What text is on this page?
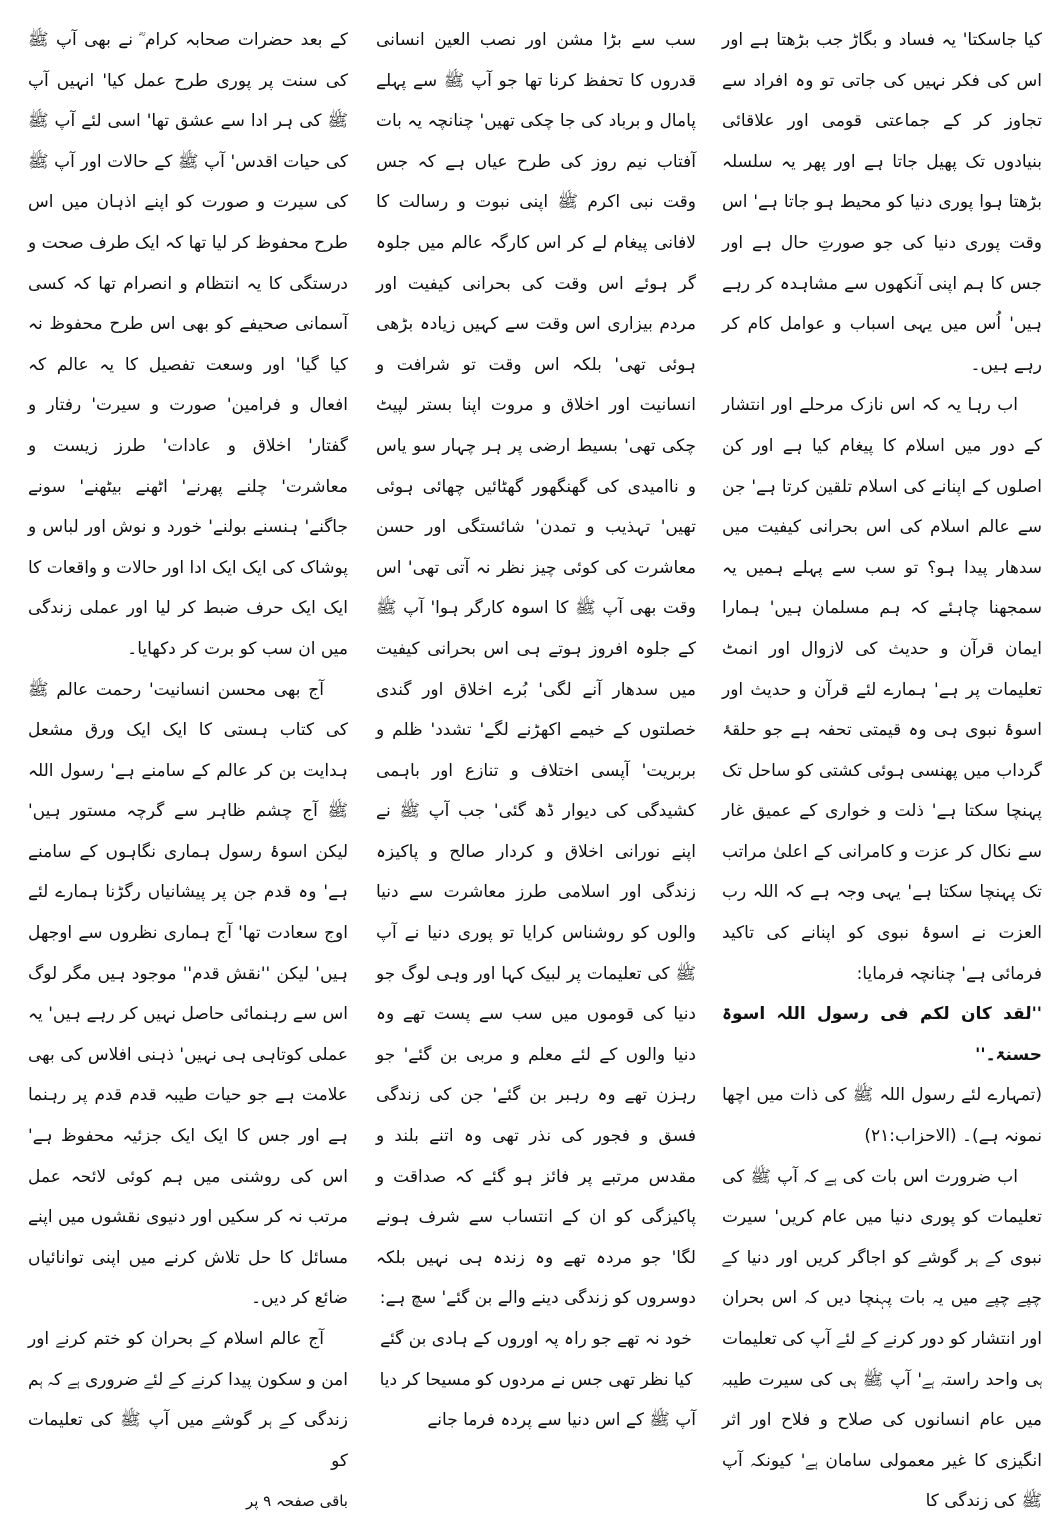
کیا جاسکتا' یہ فساد و بگاڑ جب بڑھتا ہے اور اس کی فکر نہیں کی جاتی تو وہ افراد سے تجاوز کر کے جماعتی قومی اور علاقائی بنیادوں تک پھیل جاتا ہے اور پھر یہ سلسلہ بڑھتا ہوا پوری دنیا کو محیط ہو جاتا ہے' اس وقت پوری دنیا کی جو صورتِ حال ہے اور جس کا ہم اپنی آنکھوں سے مشاہدہ کر رہے ہیں' اُس میں یہی اسباب و عوامل کام کر رہے ہیں۔

اب رہا یہ کہ اس نازک مرحلے اور انتشار کے دور میں اسلام کا پیغام کیا ہے اور کن اصلوں کے اپنانے کی اسلام تلقین کرتا ہے' جن سے عالم اسلام کی اس بحرانی کیفیت میں سدھار پیدا ہو؟ تو سب سے پہلے ہمیں یہ سمجھنا چاہئے کہ ہم مسلمان ہیں' ہمارا ایمان قرآن و حدیث کی لازوال اور انمٹ تعلیمات پر ہے' ہمارے لئے قرآن و حدیث اور اسوۂ نبوی ہی وہ قیمتی تحفہ ہے جو حلقۂ گرداب میں پھنسی ہوئی کشتی کو ساحل تک پہنچا سکتا ہے' ذلت و خواری کے عمیق غار سے نکال کر عزت و کامرانی کے اعلیٰ مراتب تک پہنچا سکتا ہے' یہی وجہ ہے کہ اللہ رب العزت نے اسوۂ نبوی کو اپنانے کی تاکید فرمائی ہے' چنانچہ فرمایا:

''لقد کان لکم فی رسول اللہ اسوۃ حسنۃ۔''

(تمہارے لئے رسول اللہ ﷺ کی ذات میں اچھا نمونہ ہے)۔ (الاحزاب:۲۱)

اب ضرورت اس بات کی ہے کہ آپ ﷺ کی تعلیمات کو پوری دنیا میں عام کریں' سیرت نبوی کے ہر گوشے کو اجاگر کریں اور دنیا کے چپے چپے میں یہ بات پہنچا دیں کہ اس بحران اور انتشار کو دور کرنے کے لئے آپ کی تعلیمات ہی واحد راستہ ہے' آپ ﷺ ہی کی سیرت طیبہ میں عام انسانوں کی صلاح و فلاح اور اثر انگیزی کا غیر معمولی سامان ہے' کیونکہ آپ ﷺ کی زندگی کا

سب سے بڑا مشن اور نصب العین انسانی قدروں کا تحفظ کرنا تھا جو آپ ﷺ سے پہلے پامال و برباد کی جا چکی تھیں' چنانچہ یہ بات آفتاب نیم روز کی طرح عیاں ہے کہ جس وقت نبی اکرم ﷺ اپنی نبوت و رسالت کا لافانی پیغام لے کر اس کارگہ عالم میں جلوہ گر ہوئے اس وقت کی بحرانی کیفیت اور مردم بیزاری اس وقت سے کہیں زیادہ بڑھی ہوئی تھی' بلکہ اس وقت تو شرافت و انسانیت اور اخلاق و مروت اپنا بستر لپیٹ چکی تھی' بسیط ارضی پر ہر چہار سو یاس و ناامیدی کی گھنگھور گھٹائیں چھائی ہوئی تھیں' تہذیب و تمدن' شائستگی اور حسن معاشرت کی کوئی چیز نظر نہ آتی تھی' اس وقت بھی آپ ﷺ کا اسوہ کارگر ہوا' آپ ﷺ کے جلوہ افروز ہوتے ہی اس بحرانی کیفیت میں سدھار آنے لگی' بُرے اخلاق اور گندی خصلتوں کے خیمے اکھڑنے لگے' تشدد' ظلم و بربریت' آپسی اختلاف و تنازع اور باہمی کشیدگی کی دیوار ڈھ گئی' جب آپ ﷺ نے اپنے نورانی اخلاق و کردار صالح و پاکیزہ زندگی اور اسلامی طرز معاشرت سے دنیا والوں کو روشناس کرایا تو پوری دنیا نے آپ ﷺ کی تعلیمات پر لبیک کہا اور وہی لوگ جو دنیا کی قوموں میں سب سے پست تھے وہ دنیا والوں کے لئے معلم و مربی بن گئے' جو رہزن تھے وہ رہبر بن گئے' جن کی زندگی فسق و فجور کی نذر تھی وہ اتنے بلند و مقدس مرتبے پر فائز ہو گئے کہ صداقت و پاکیزگی کو ان کے انتساب سے شرف ہونے لگا' جو مردہ تھے وہ زندہ ہی نہیں بلکہ دوسروں کو زندگی دینے والے بن گئے' سچ ہے:

خود نہ تھے جو راہ پہ اوروں کے ہادی بن گئے
کیا نظر تھی جس نے مردوں کو مسیحا کر دیا

آپ ﷺ کے اس دنیا سے پردہ فرما جانے

کے بعد حضرات صحابہ کرام ؓ نے بھی آپ ﷺ کی سنت پر پوری طرح عمل کیا' انہیں آپ ﷺ کی ہر ادا سے عشق تھا' اسی لئے آپ ﷺ کی حیات اقدس' آپ ﷺ کے حالات اور آپ ﷺ کی سیرت و صورت کو اپنے اذہان میں اس طرح محفوظ کر لیا تھا کہ ایک طرف صحت و درستگی کا یہ انتظام و انصرام تھا کہ کسی آسمانی صحیفے کو بھی اس طرح محفوظ نہ کیا گیا' اور وسعت تفصیل کا یہ عالم کہ افعال و فرامین' صورت و سیرت' رفتار و گفتار' اخلاق و عادات' طرز زیست و معاشرت' چلنے پھرنے' اٹھنے بیٹھنے' سونے جاگنے' ہنسنے بولنے' خورد و نوش اور لباس و پوشاک کی ایک ایک ادا اور حالات و واقعات کا ایک ایک حرف ضبط کر لیا اور عملی زندگی میں ان سب کو برت کر دکھایا۔

آج بھی محسن انسانیت' رحمت عالم ﷺ کی کتاب ہستی کا ایک ایک ورق مشعل ہدایت بن کر عالم کے سامنے ہے' رسول اللہ ﷺ آج چشم ظاہر سے گرچہ مستور ہیں' لیکن اسوۂ رسول ہماری نگاہوں کے سامنے ہے' وہ قدم جن پر پیشانیاں رگڑنا ہمارے لئے اوج سعادت تھا' آج ہماری نظروں سے اوجھل ہیں' لیکن ''نقش قدم'' موجود ہیں مگر لوگ اس سے رہنمائی حاصل نہیں کر رہے ہیں' یہ عملی کوتاہی ہی نہیں' ذہنی افلاس کی بھی علامت ہے جو حیات طیبہ قدم قدم پر رہنما ہے اور جس کا ایک ایک جزئیہ محفوظ ہے' اس کی روشنی میں ہم کوئی لائحہ عمل مرتب نہ کر سکیں اور دنیوی نقشوں میں اپنے مسائل کا حل تلاش کرنے میں اپنی توانائیاں ضائع کر دیں۔

آج عالم اسلام کے بحران کو ختم کرنے اور امن و سکون پیدا کرنے کے لئے ضروری ہے کہ ہم زندگی کے ہر گوشے میں آپ ﷺ کی تعلیمات کو

باقی صفحہ ۹ پر
